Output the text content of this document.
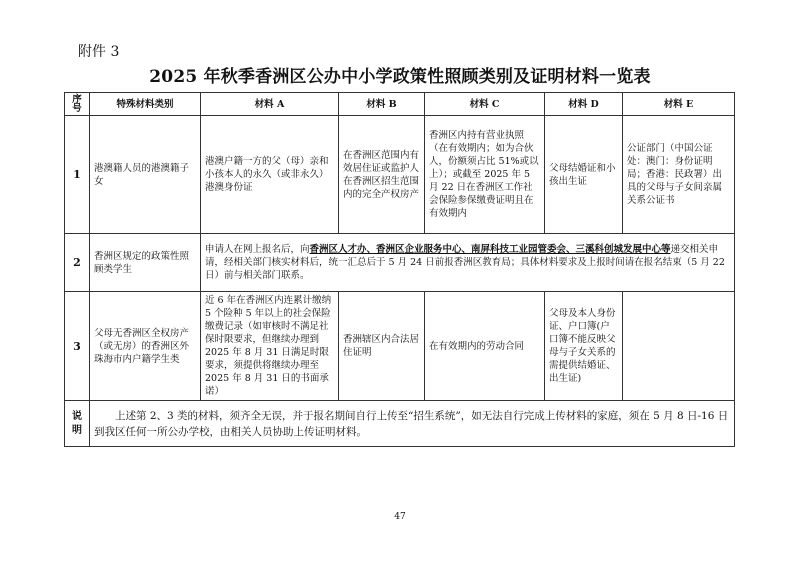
附件 3
2025 年秋季香洲区公办中小学政策性照顾类别及证明材料一览表
序号	特殊材料类别	材料 A	材料 B	材料 C	材料 D	材料 E
1	港澳籍人员的港澳籍子女	港澳户籍一方的父（母）亲和小孩本人的永久（或非永久）港澳身份证	在香洲区范围内有效居住证或监护人在香洲区招生范围内的完全产权房产	香洲区内持有营业执照（在有效期内；如为合伙人，份额须占比 51%或以上）；或截至 2025 年 5 月 22 日在香洲区工作社会保险参保缴费证明且在有效期内	父母结婚证和小孩出生证	公证部门（中国公证处：澳门：身份证明局；香港：民政署）出具的父母与子女间亲属关系公证书
2	香洲区规定的政策性照顾类学生	申请人在网上报名后，向香洲区人才办、香洲区企业服务中心、南屏科技工业园管委会、三溪科创城发展中心等递交相关申请，经相关部门核实材料后，统一汇总后于 5 月 24 日前报香洲区教育局；具体材料要求及上报时间请在报名结束（5 月 22 日）前与相关部门联系。				
3	父母无香洲区全权房产（或无房）的香洲区外珠海市内户籍学生类	近 6 年在香洲区内连累计缴纳 5 个险种 5 年以上的社会保险缴费记录（如审核时不满足社保时限要求，但继续办理到 2025 年 8 月 31 日满足时限要求，须提供将继续办理至 2025 年 8 月 31 日的书面承诺）	香洲辖区内合法居住证明	在有效期内的劳动合同	父母及本人身份证、户口簿(户口簿不能反映父母与子女关系的需提供结婚证、出生证)	
说明	上述第 2、3 类的材料，须齐全无误，并于报名期间自行上传至“招生系统”，如无法自行完成上传材料的家庭，须在 5 月 8 日-16 日到我区任何一所公办学校，由相关人员协助上传证明材料。					
47
